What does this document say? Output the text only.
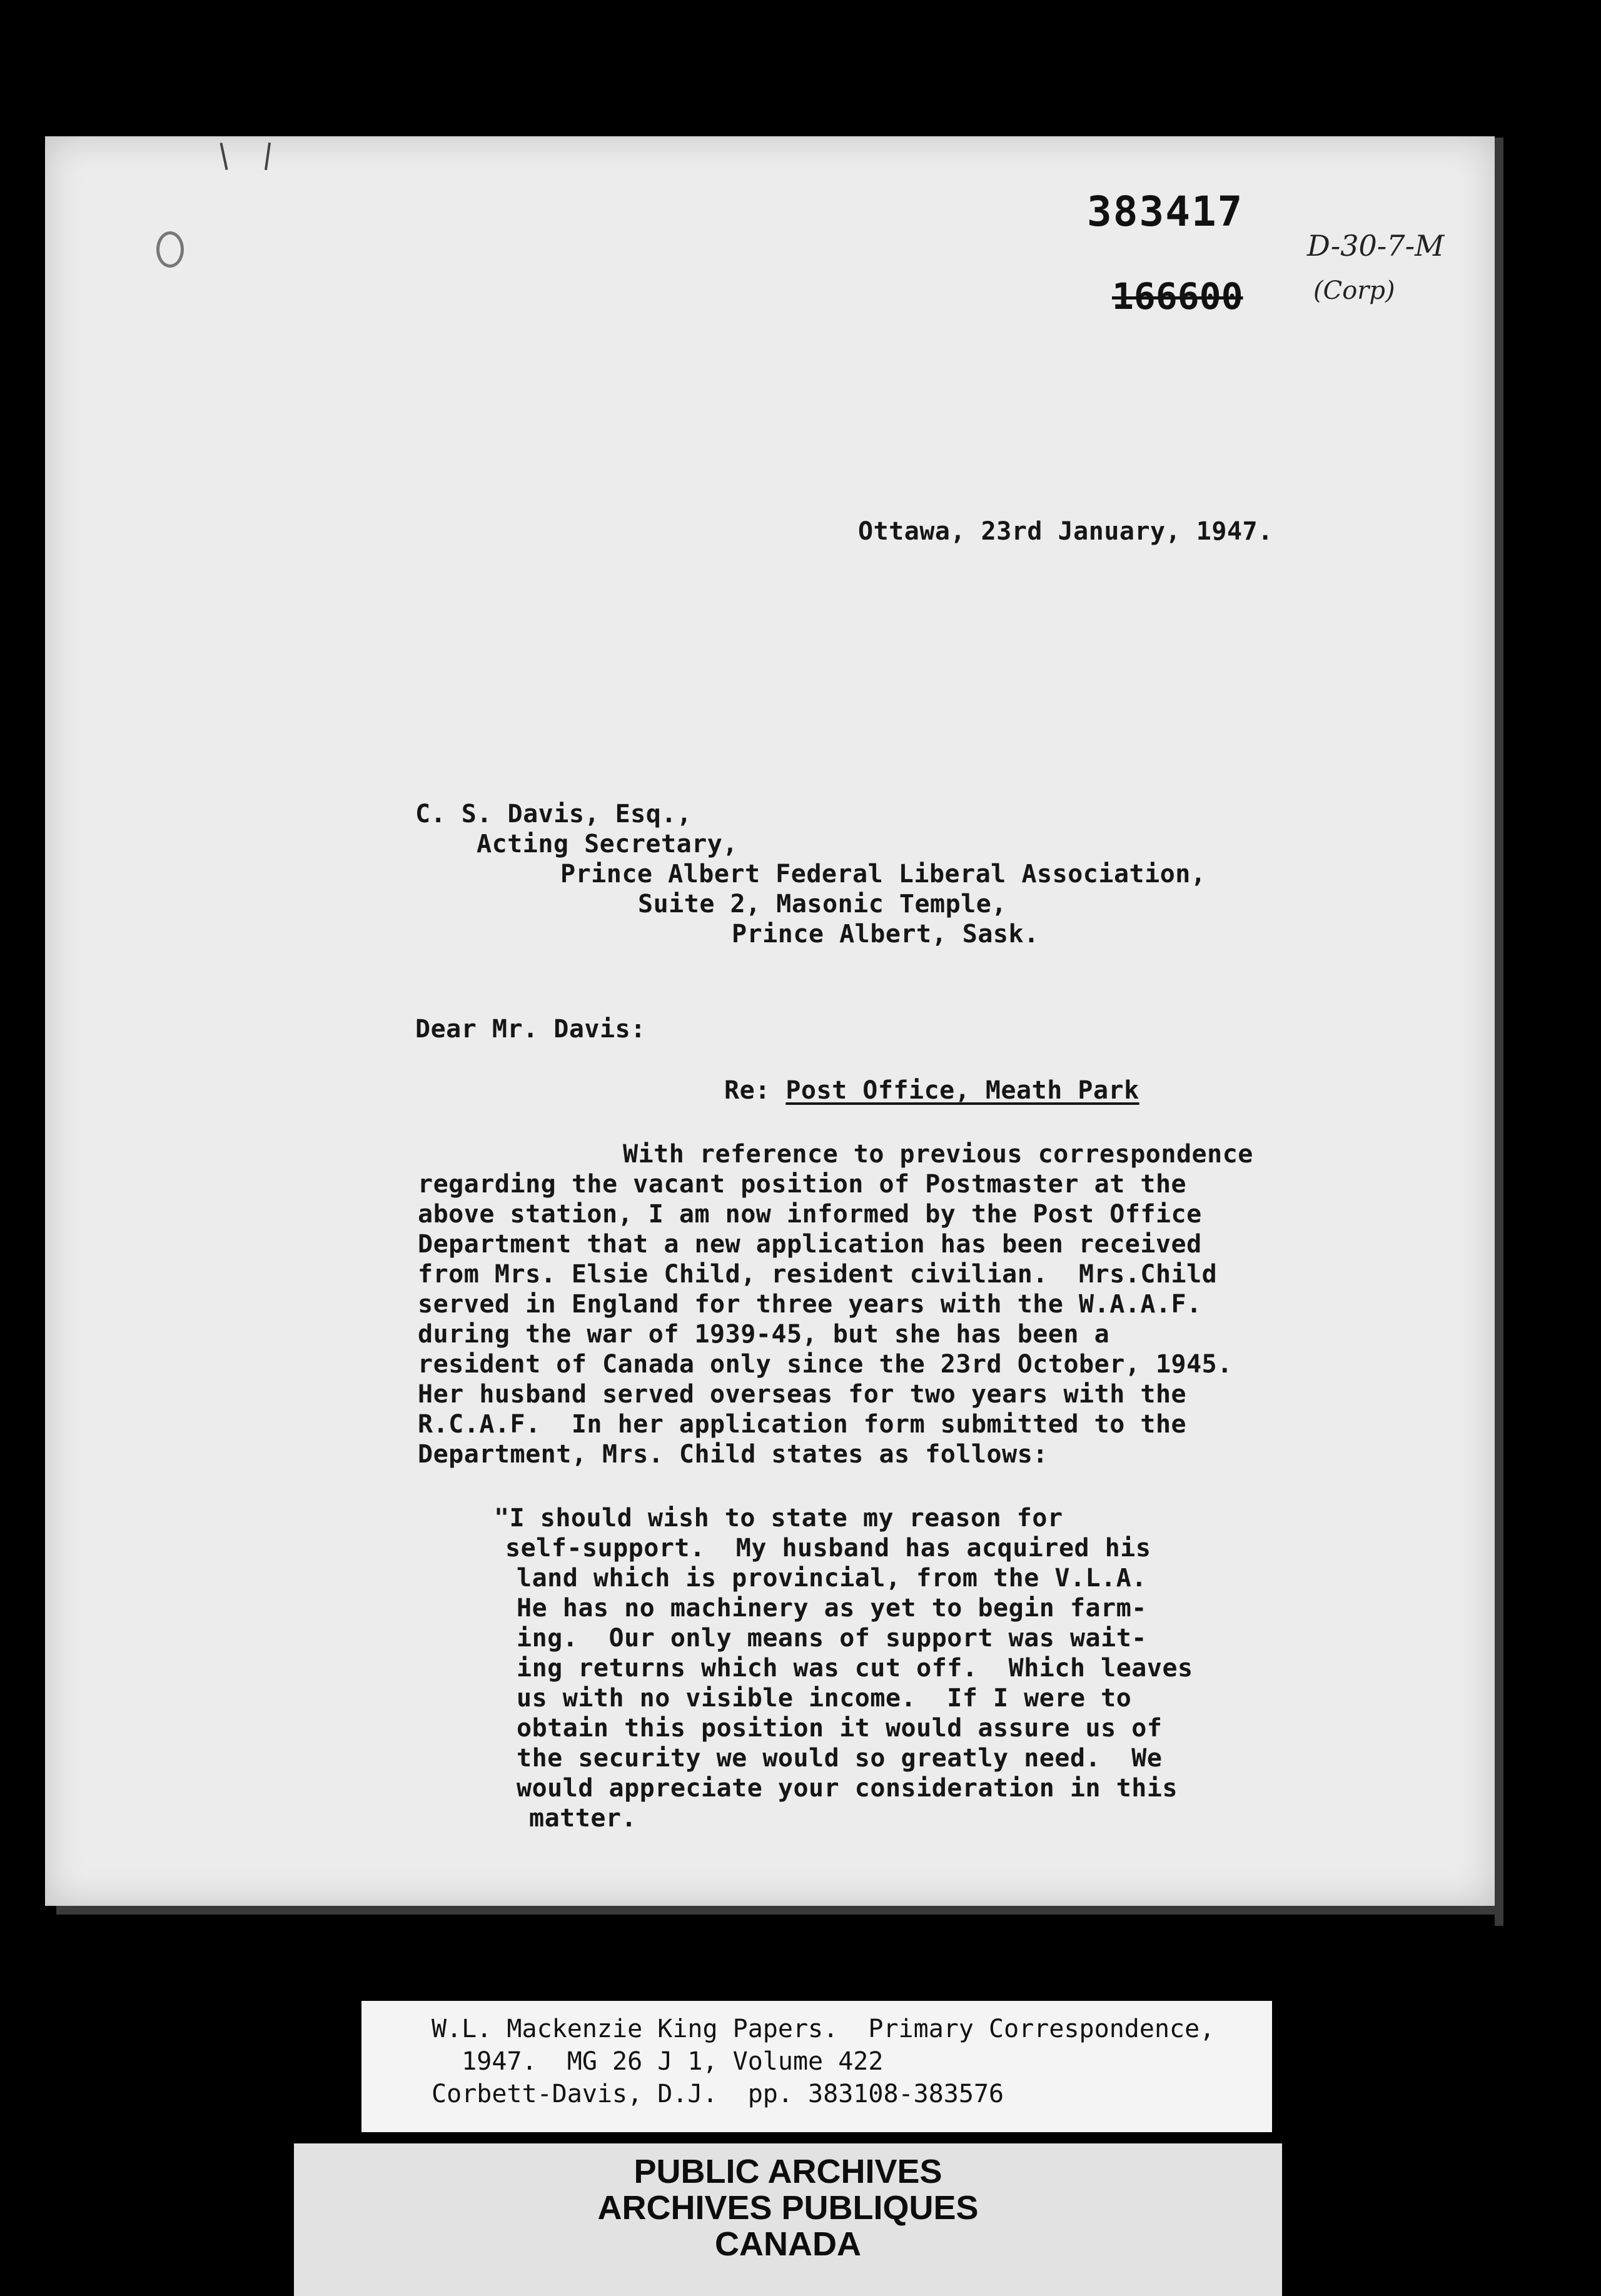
383417
166600
D-30-7-M
(Corp)
Ottawa, 23rd January, 1947.
C. S. Davis, Esq.,
Acting Secretary,
Prince Albert Federal Liberal Association,
Suite 2, Masonic Temple,
Prince Albert, Sask.
Dear Mr. Davis:
Re: Post Office, Meath Park
With reference to previous correspondence
regarding the vacant position of Postmaster at the
above station, I am now informed by the Post Office
Department that a new application has been received
from Mrs. Elsie Child, resident civilian.  Mrs.Child
served in England for three years with the W.A.A.F.
during the war of 1939-45, but she has been a
resident of Canada only since the 23rd October, 1945.
Her husband served overseas for two years with the
R.C.A.F.  In her application form submitted to the
Department, Mrs. Child states as follows:
"I should wish to state my reason for
self-support.  My husband has acquired his
land which is provincial, from the V.L.A.
He has no machinery as yet to begin farm-
ing.  Our only means of support was wait-
ing returns which was cut off.  Which leaves
us with no visible income.  If I were to
obtain this position it would assure us of
the security we would so greatly need.  We
would appreciate your consideration in this
matter.
W.L. Mackenzie King Papers.  Primary Correspondence,
1947.  MG 26 J 1, Volume 422
Corbett-Davis, D.J.  pp. 383108-383576
PUBLIC ARCHIVES
ARCHIVES PUBLIQUES
CANADA
